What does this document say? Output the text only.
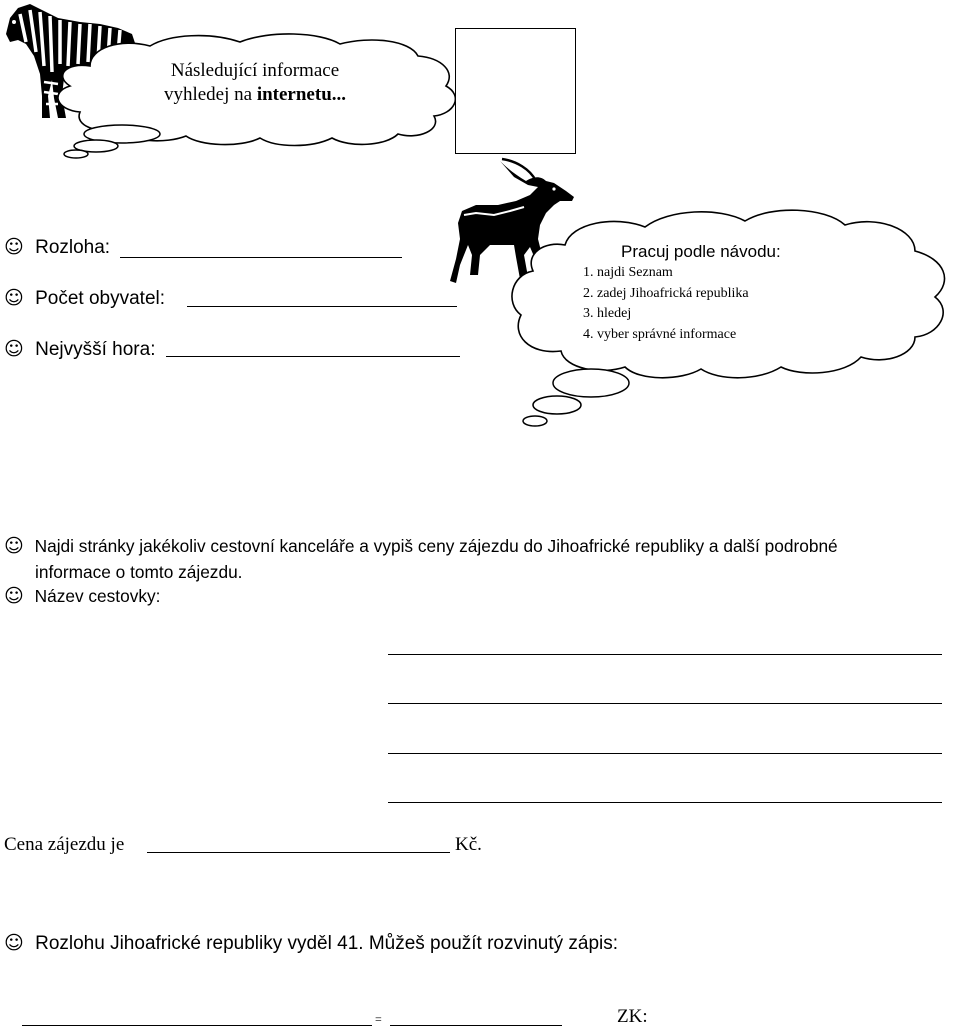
Následující informace
vyhledej na internetu...
Pracuj podle návodu:
1. najdi Seznam
2. zadej Jihoafrická republika
3. hledej
4. vyber správné informace
☺ Rozloha:
☺ Počet obyvatel:
☺ Nejvyšší hora:
☺ Najdi stránky jakékoliv cestovní kanceláře a vypiš ceny zájezdu do Jihoafrické republiky a další podrobné
informace o tomto zájezdu.
☺ Název cestovky:
Cena zájezdu je	Kč.
☺ Rozlohu Jihoafrické republiky vyděl 41. Můžeš použít rozvinutý zápis:
=	ZK:
